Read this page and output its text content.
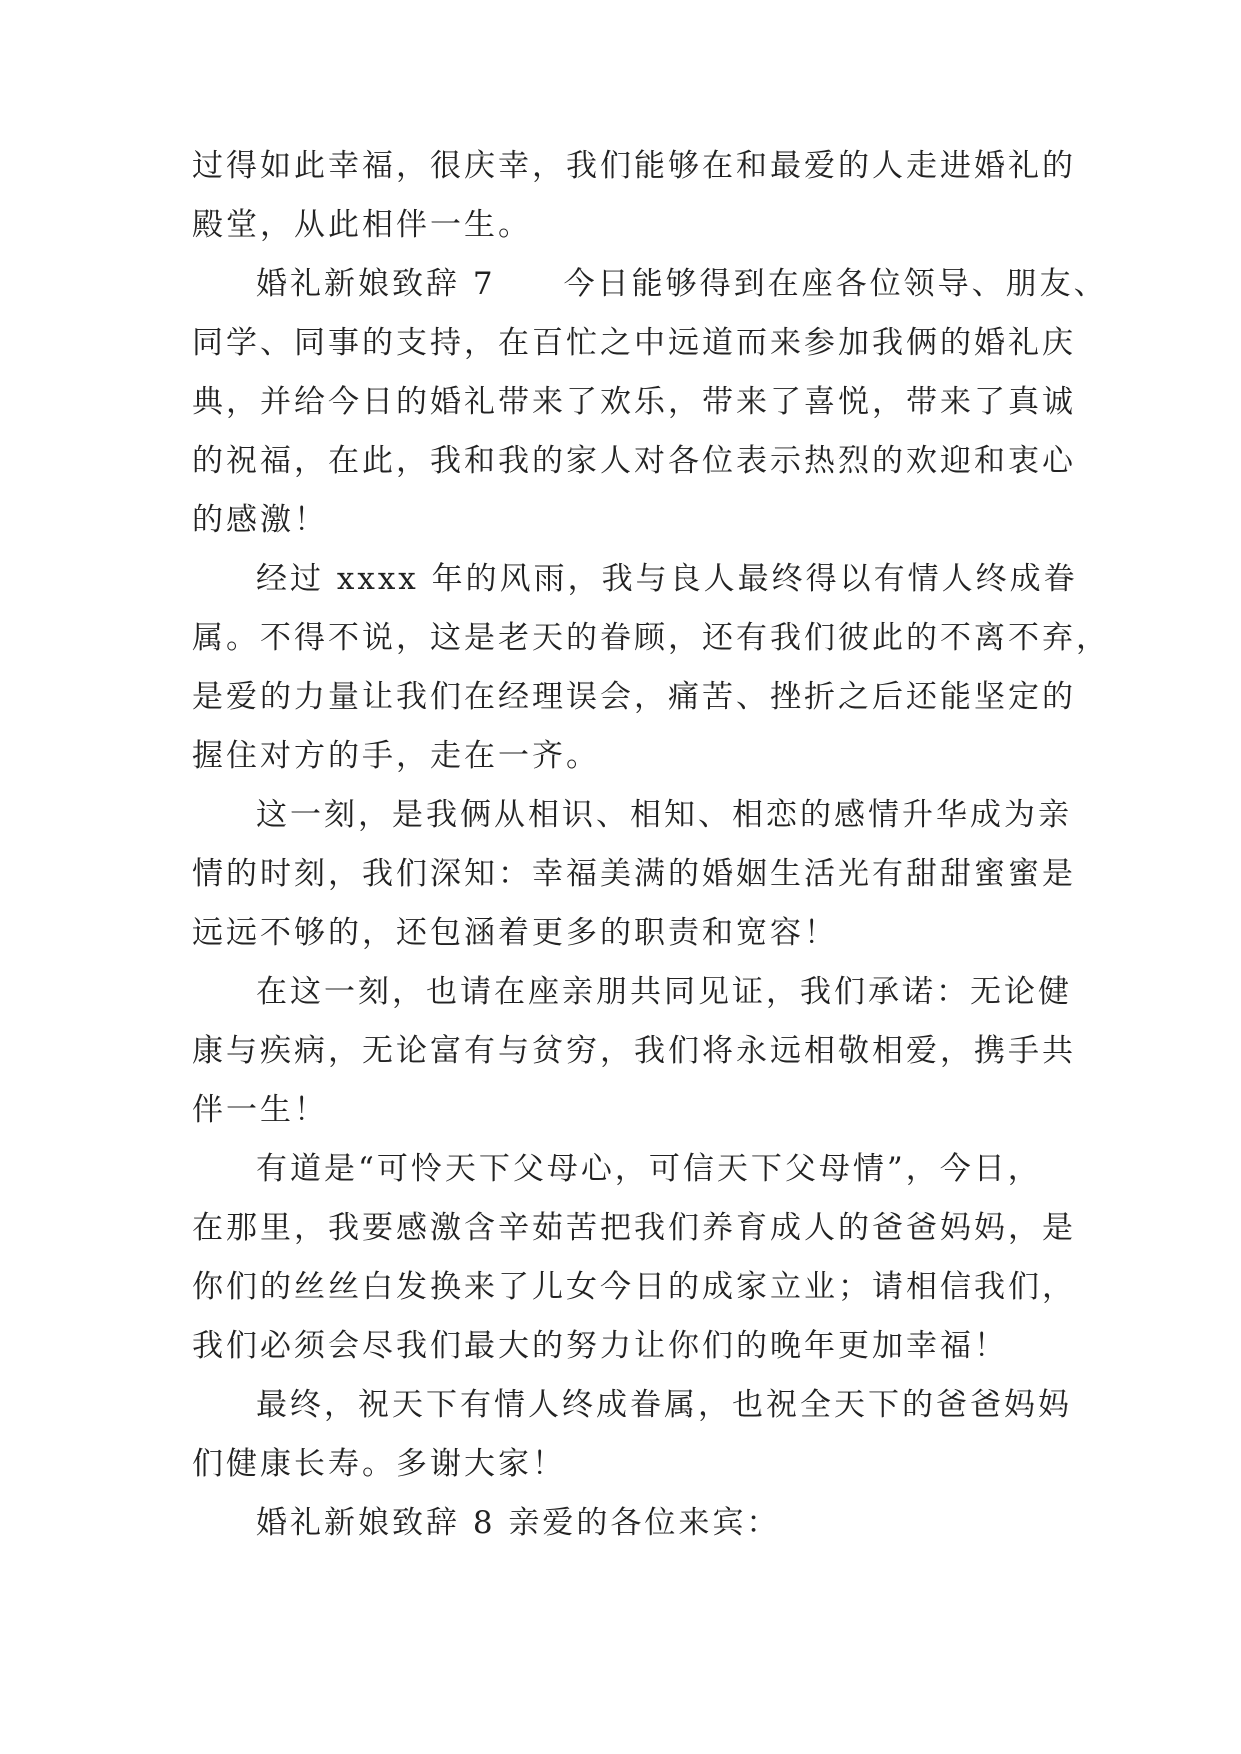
过得如此幸福，很庆幸，我们能够在和最爱的人走进婚礼的
殿堂，从此相伴一生。
婚礼新娘致辞 7　　今日能够得到在座各位领导、朋友、
同学、同事的支持，在百忙之中远道而来参加我俩的婚礼庆
典，并给今日的婚礼带来了欢乐，带来了喜悦，带来了真诚
的祝福，在此，我和我的家人对各位表示热烈的欢迎和衷心
的感激！
经过 xxxx 年的风雨，我与良人最终得以有情人终成眷
属。不得不说，这是老天的眷顾，还有我们彼此的不离不弃，
是爱的力量让我们在经理误会，痛苦、挫折之后还能坚定的
握住对方的手，走在一齐。
这一刻，是我俩从相识、相知、相恋的感情升华成为亲
情的时刻，我们深知：幸福美满的婚姻生活光有甜甜蜜蜜是
远远不够的，还包涵着更多的职责和宽容！
在这一刻，也请在座亲朋共同见证，我们承诺：无论健
康与疾病，无论富有与贫穷，我们将永远相敬相爱，携手共
伴一生！
有道是“可怜天下父母心，可信天下父母情”，今日，
在那里，我要感激含辛茹苦把我们养育成人的爸爸妈妈，是
你们的丝丝白发换来了儿女今日的成家立业；请相信我们，
我们必须会尽我们最大的努力让你们的晚年更加幸福！
最终，祝天下有情人终成眷属，也祝全天下的爸爸妈妈
们健康长寿。多谢大家！
婚礼新娘致辞 8 亲爱的各位来宾：
